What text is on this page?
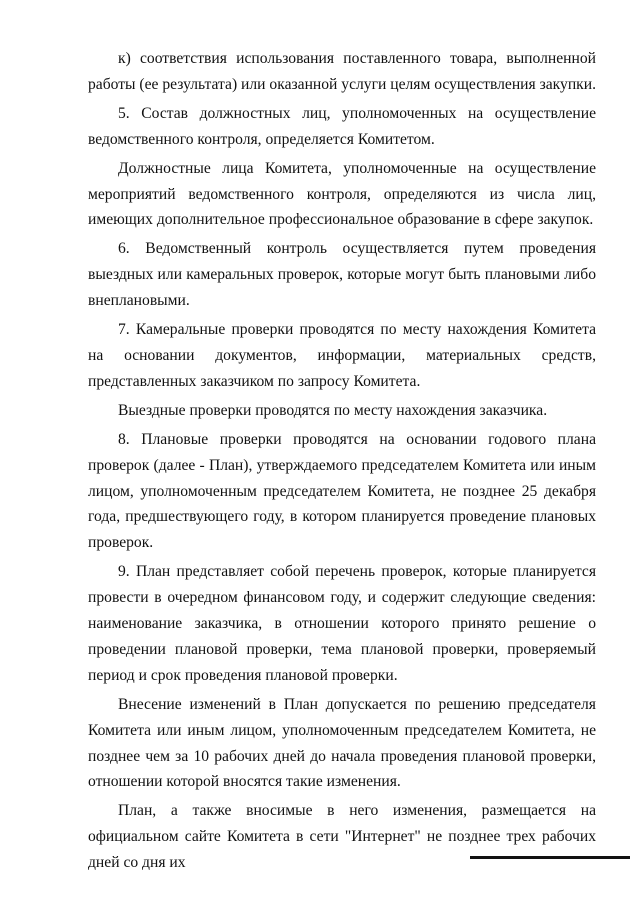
к) соответствия использования поставленного товара, выполненной работы (ее результата) или оказанной услуги целям осуществления закупки.

5. Состав должностных лиц, уполномоченных на осуществление ведомственного контроля, определяется Комитетом.

Должностные лица Комитета, уполномоченные на осуществление мероприятий ведомственного контроля, определяются из числа лиц, имеющих дополнительное профессиональное образование в сфере закупок.

6. Ведомственный контроль осуществляется путем проведения выездных или камеральных проверок, которые могут быть плановыми либо внеплановыми.

7. Камеральные проверки проводятся по месту нахождения Комитета на основании документов, информации, материальных средств, представленных заказчиком по запросу Комитета.

Выездные проверки проводятся по месту нахождения заказчика.

8. Плановые проверки проводятся на основании годового плана проверок (далее - План), утверждаемого председателем Комитета или иным лицом, уполномоченным председателем Комитета, не позднее 25 декабря года, предшествующего году, в котором планируется проведение плановых проверок.

9. План представляет собой перечень проверок, которые планируется провести в очередном финансовом году, и содержит следующие сведения: наименование заказчика, в отношении которого принято решение о проведении плановой проверки, тема плановой проверки, проверяемый период и срок проведения плановой проверки.

Внесение изменений в План допускается по решению председателя Комитета или иным лицом, уполномоченным председателем Комитета, не позднее чем за 10 рабочих дней до начала проведения плановой проверки, отношении которой вносятся такие изменения.

План, а также вносимые в него изменения, размещается на официальном сайте Комитета в сети "Интернет" не позднее трех рабочих дней со дня их
